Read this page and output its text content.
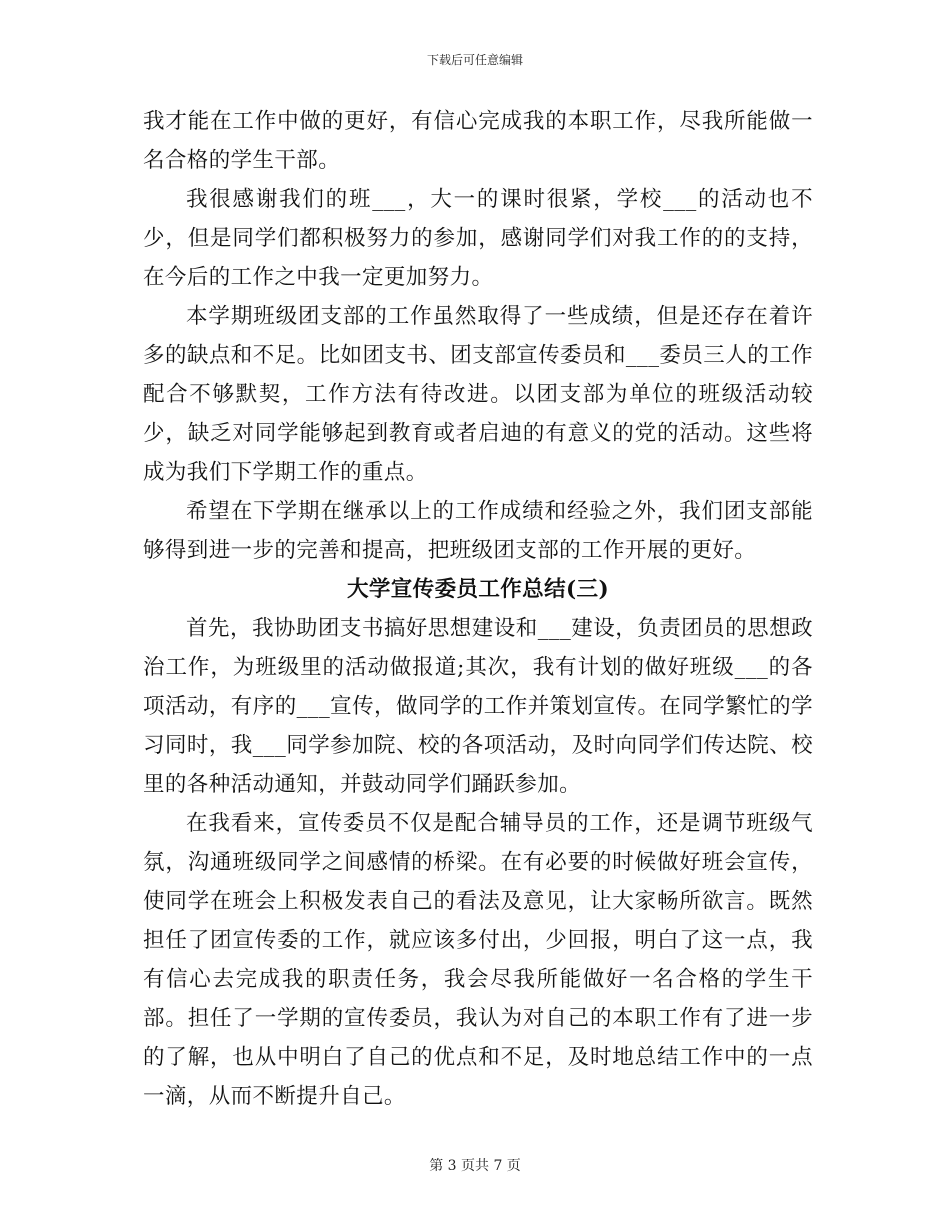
下载后可任意编辑

我才能在工作中做的更好，有信心完成我的本职工作，尽我所能做一名合格的学生干部。

我很感谢我们的班___，大一的课时很紧，学校___的活动也不少，但是同学们都积极努力的参加，感谢同学们对我工作的的支持，在今后的工作之中我一定更加努力。

本学期班级团支部的工作虽然取得了一些成绩，但是还存在着许多的缺点和不足。比如团支书、团支部宣传委员和___委员三人的工作配合不够默契，工作方法有待改进。以团支部为单位的班级活动较少，缺乏对同学能够起到教育或者启迪的有意义的党的活动。这些将成为我们下学期工作的重点。

希望在下学期在继承以上的工作成绩和经验之外，我们团支部能够得到进一步的完善和提高，把班级团支部的工作开展的更好。

大学宣传委员工作总结(三)

首先，我协助团支书搞好思想建设和___建设，负责团员的思想政治工作，为班级里的活动做报道;其次，我有计划的做好班级___的各项活动，有序的___宣传，做同学的工作并策划宣传。在同学繁忙的学习同时，我___同学参加院、校的各项活动，及时向同学们传达院、校里的各种活动通知，并鼓动同学们踊跃参加。

在我看来，宣传委员不仅是配合辅导员的工作，还是调节班级气氛，沟通班级同学之间感情的桥梁。在有必要的时候做好班会宣传，使同学在班会上积极发表自己的看法及意见，让大家畅所欲言。既然担任了团宣传委的工作，就应该多付出，少回报，明白了这一点，我有信心去完成我的职责任务，我会尽我所能做好一名合格的学生干部。担任了一学期的宣传委员，我认为对自己的本职工作有了进一步的了解，也从中明白了自己的优点和不足，及时地总结工作中的一点一滴，从而不断提升自己。

第 3 页共 7 页
